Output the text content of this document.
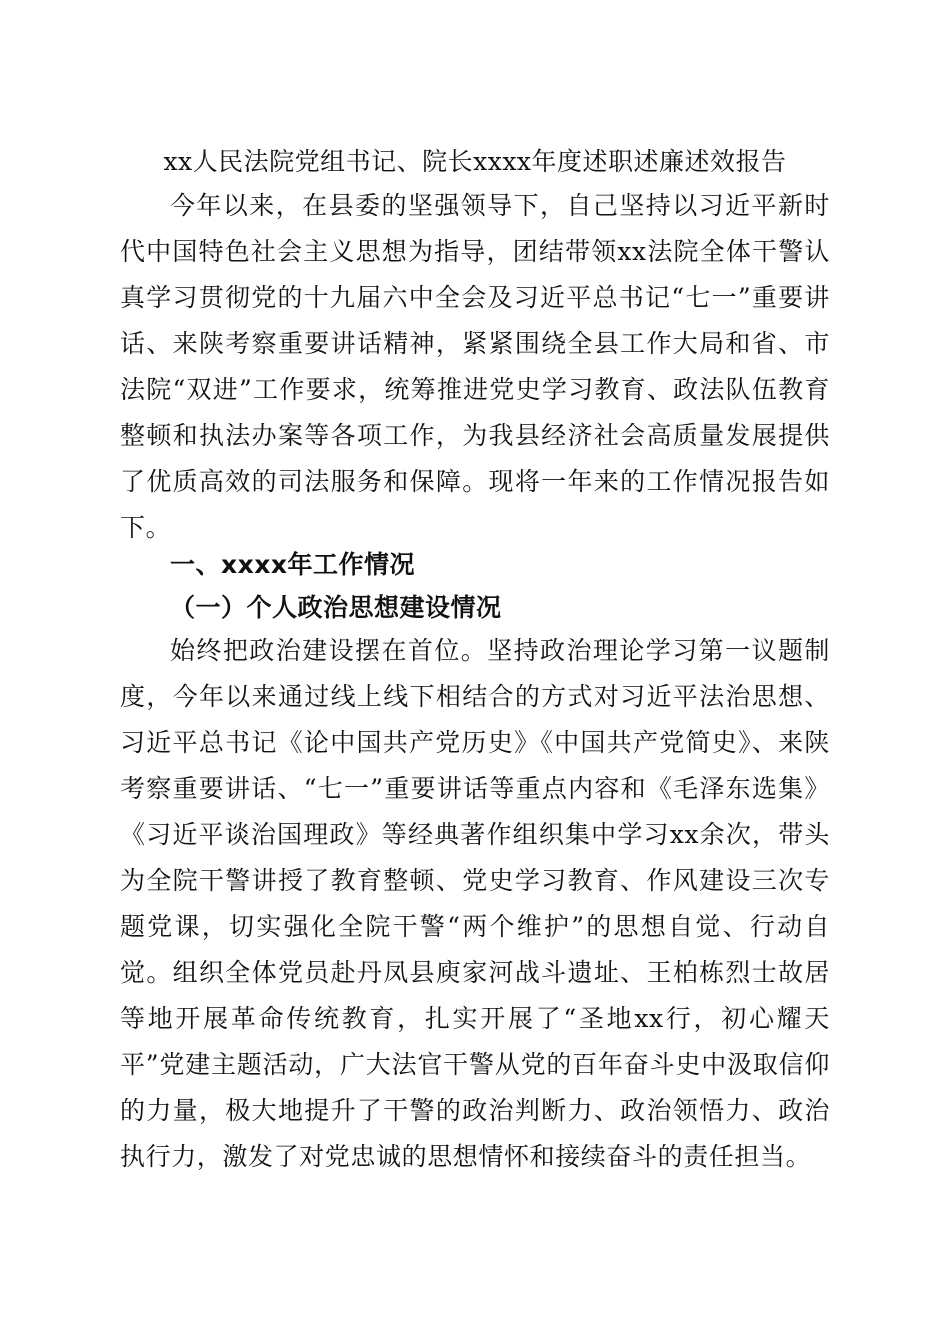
xx人民法院党组书记、院长xxxx年度述职述廉述效报告

今年以来，在县委的坚强领导下，自己坚持以习近平新时代中国特色社会主义思想为指导，团结带领xx法院全体干警认真学习贯彻党的十九届六中全会及习近平总书记“七一”重要讲话、来陕考察重要讲话精神，紧紧围绕全县工作大局和省、市法院“双进”工作要求，统筹推进党史学习教育、政法队伍教育整顿和执法办案等各项工作，为我县经济社会高质量发展提供了优质高效的司法服务和保障。现将一年来的工作情况报告如下。

一、xxxx年工作情况
（一）个人政治思想建设情况

始终把政治建设摆在首位。坚持政治理论学习第一议题制度，今年以来通过线上线下相结合的方式对习近平法治思想、习近平总书记《论中国共产党历史》《中国共产党简史》、来陕考察重要讲话、“七一”重要讲话等重点内容和《毛泽东选集》《习近平谈治国理政》等经典著作组织集中学习xx余次，带头为全院干警讲授了教育整顿、党史学习教育、作风建设三次专题党课，切实强化全院干警“两个维护”的思想自觉、行动自觉。组织全体党员赴丹凤县庾家河战斗遗址、王柏栋烈士故居等地开展革命传统教育，扎实开展了“圣地xx行，初心耀天平”党建主题活动，广大法官干警从党的百年奋斗史中汲取信仰的力量，极大地提升了干警的政治判断力、政治领悟力、政治执行力，激发了对党忠诚的思想情怀和接续奋斗的责任担当。
